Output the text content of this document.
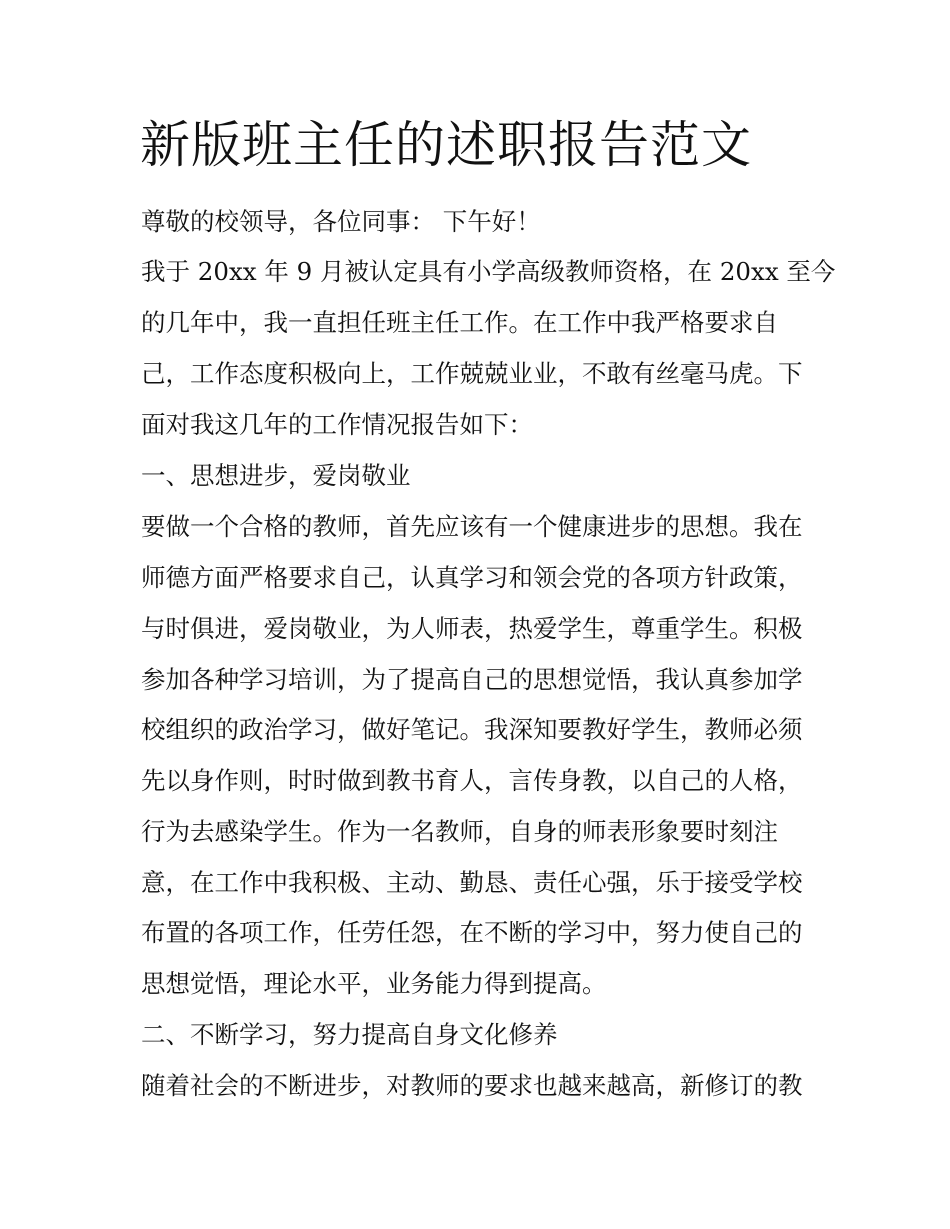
新版班主任的述职报告范文

尊敬的校领导，各位同事： 下午好！

我于 20xx 年 9 月被认定具有小学高级教师资格，在 20xx 至今

的几年中，我一直担任班主任工作。在工作中我严格要求自

己，工作态度积极向上，工作兢兢业业，不敢有丝毫马虎。下

面对我这几年的工作情况报告如下：

一、思想进步，爱岗敬业

要做一个合格的教师，首先应该有一个健康进步的思想。我在

师德方面严格要求自己，认真学习和领会党的各项方针政策，

与时俱进，爱岗敬业，为人师表，热爱学生，尊重学生。积极

参加各种学习培训，为了提高自己的思想觉悟，我认真参加学

校组织的政治学习，做好笔记。我深知要教好学生，教师必须

先以身作则，时时做到教书育人，言传身教，以自己的人格，

行为去感染学生。作为一名教师，自身的师表形象要时刻注

意，在工作中我积极、主动、勤恳、责任心强，乐于接受学校

布置的各项工作，任劳任怨，在不断的学习中，努力使自己的

思想觉悟，理论水平，业务能力得到提高。

二、不断学习，努力提高自身文化修养

随着社会的不断进步，对教师的要求也越来越高，新修订的教
